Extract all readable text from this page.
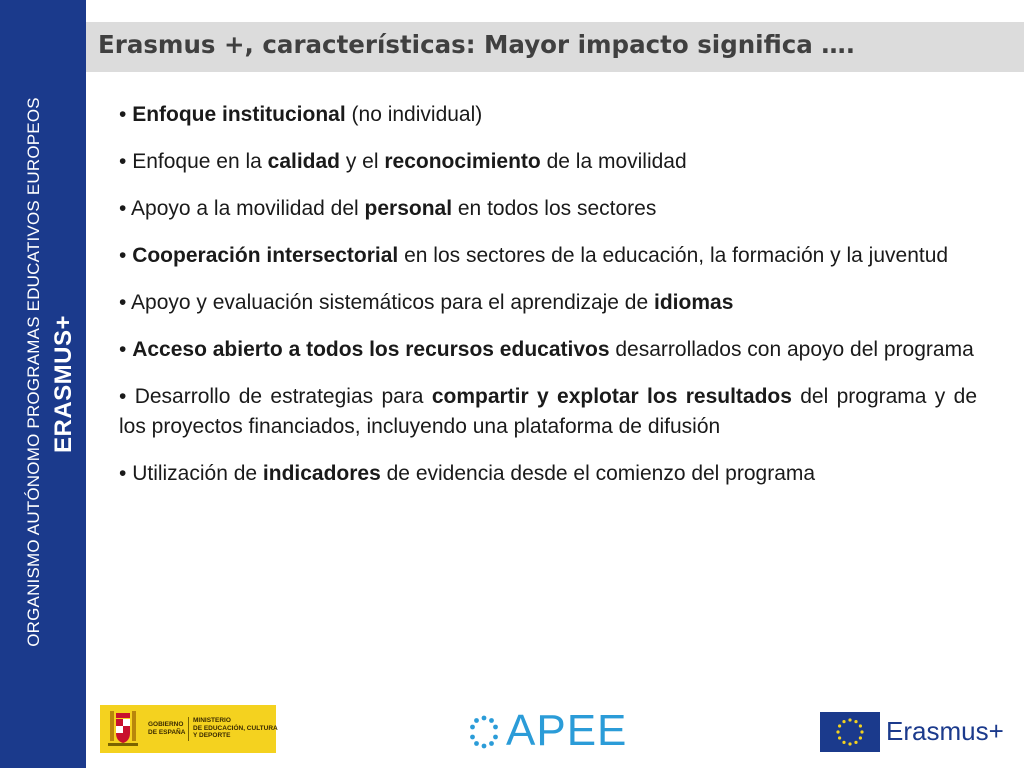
ORGANISMO AUTÓNOMO PROGRAMAS EDUCATIVOS EUROPEOS ERASMUS+
Erasmus +, características: Mayor impacto significa ….
• Enfoque institucional (no individual)
• Enfoque en la calidad y el reconocimiento de la movilidad
• Apoyo a la movilidad del personal en todos los sectores
• Cooperación intersectorial en los sectores de la educación, la formación y la juventud
• Apoyo y evaluación sistemáticos para el aprendizaje de idiomas
• Acceso abierto a todos los recursos educativos desarrollados con apoyo del programa
• Desarrollo de estrategias para compartir y explotar los resultados del programa y de los proyectos financiados, incluyendo una plataforma de difusión
• Utilización de indicadores de evidencia desde el comienzo del programa
GOBIERNO
DE ESPAÑA
MINISTERIO
DE EDUCACIÓN, CULTURA
Y DEPORTE	APEE	Erasmus+
